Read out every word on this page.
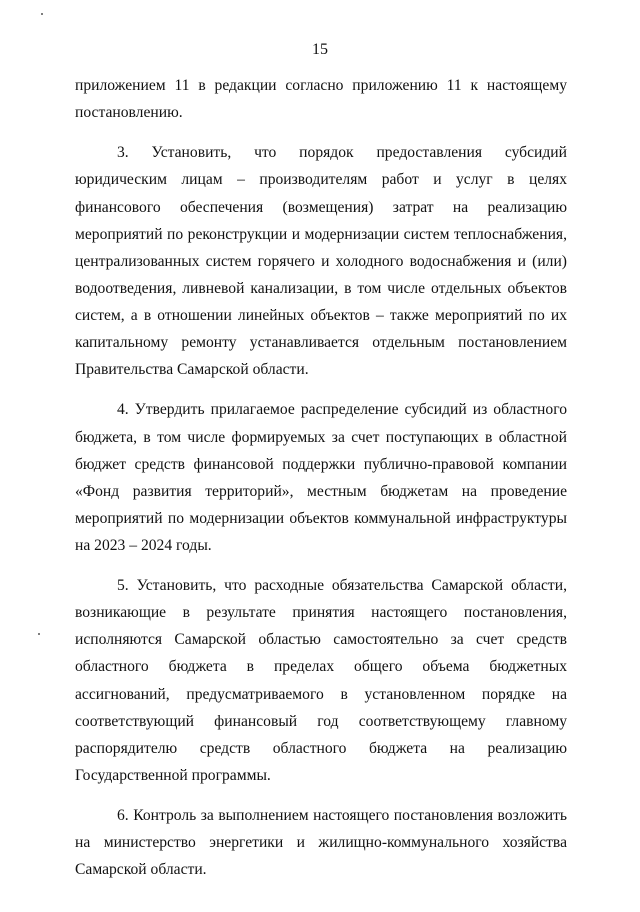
15

приложением 11 в редакции согласно приложению 11 к настоящему постановлению.

3. Установить, что порядок предоставления субсидий юридическим лицам – производителям работ и услуг в целях финансового обеспечения (возмещения) затрат на реализацию мероприятий по реконструкции и модернизации систем теплоснабжения, централизованных систем горячего и холодного водоснабжения и (или) водоотведения, ливневой канализации, в том числе отдельных объектов систем, а в отношении линейных объектов – также мероприятий по их капитальному ремонту устанавливается отдельным постановлением Правительства Самарской области.

4. Утвердить прилагаемое распределение субсидий из областного бюджета, в том числе формируемых за счет поступающих в областной бюджет средств финансовой поддержки публично-правовой компании «Фонд развития территорий», местным бюджетам на проведение мероприятий по модернизации объектов коммунальной инфраструктуры на 2023 – 2024 годы.

5. Установить, что расходные обязательства Самарской области, возникающие в результате принятия настоящего постановления, исполняются Самарской областью самостоятельно за счет средств областного бюджета в пределах общего объема бюджетных ассигнований, предусматриваемого в установленном порядке на соответствующий финансовый год соответствующему главному распорядителю средств областного бюджета на реализацию Государственной программы.

6. Контроль за выполнением настоящего постановления возложить на министерство энергетики и жилищно-коммунального хозяйства Самарской области.
